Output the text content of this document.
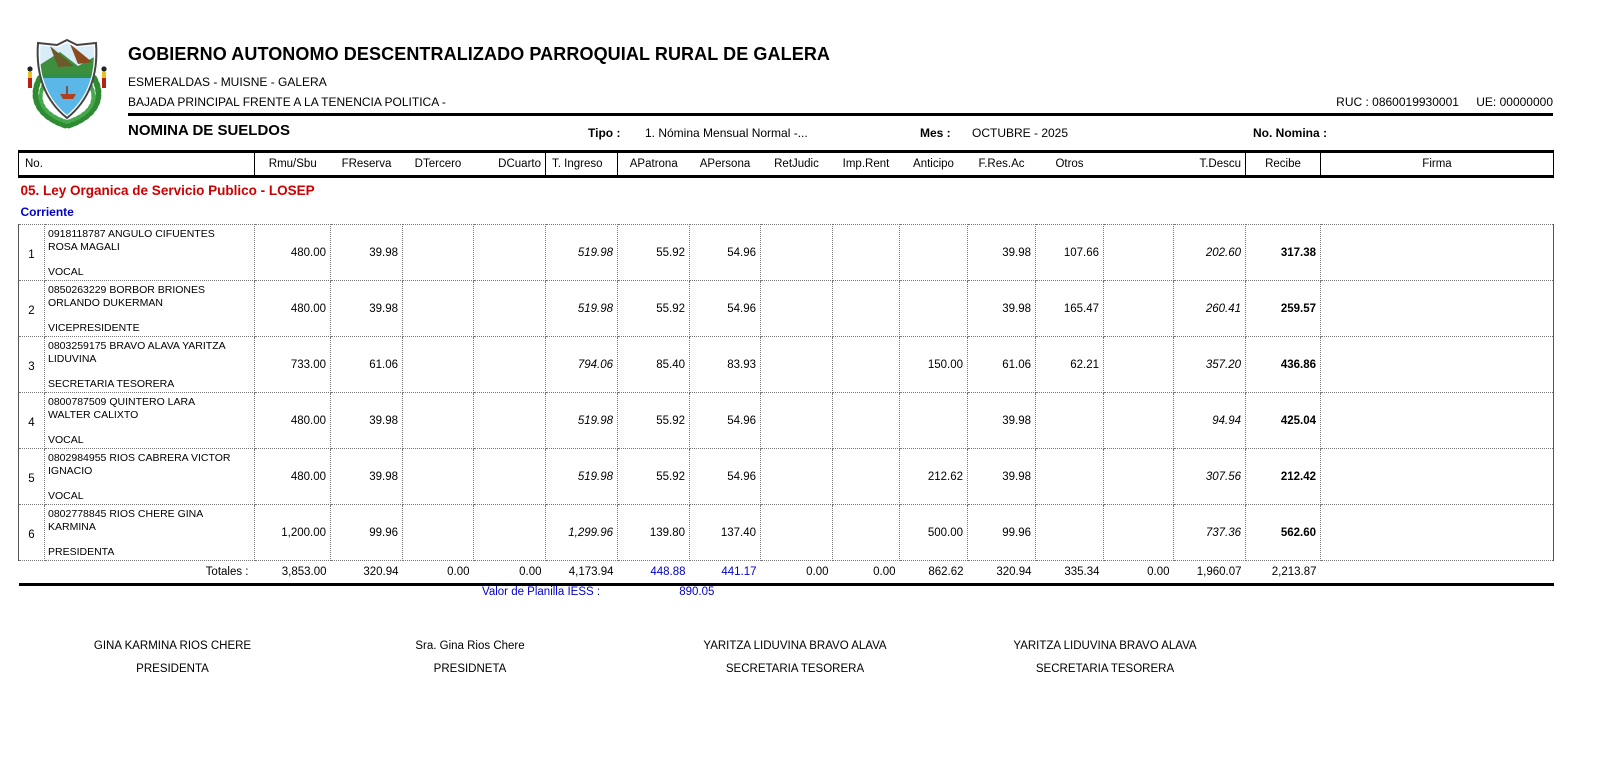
GOBIERNO AUTONOMO DESCENTRALIZADO PARROQUIAL RURAL DE GALERA
ESMERALDAS - MUISNE - GALERA
BAJADA PRINCIPAL FRENTE A LA TENENCIA POLITICA -	RUC : 0860019930001 UE: 00000000
NOMINA DE SUELDOS	Tipo : 1. Nómina Mensual Normal -...	Mes : OCTUBRE - 2025	No. Nomina :
No.		Rmu/Sbu	FReserva	DTercero	DCuarto	T. Ingreso	APatrona	APersona	RetJudic	Imp.Rent	Anticipo	F.Res.Ac	Otros		T.Descu	Recibe	Firma
05. Ley Organica de Servicio Publico - LOSEP																	
Corriente																	
1	0918118787 ANGULO CIFUENTES
ROSA MAGALI
VOCAL	480.00	39.98			519.98	55.92	54.96				39.98	107.66		202.60	317.38	
2	0850263229 BORBOR BRIONES
ORLANDO DUKERMAN
VICEPRESIDENTE	480.00	39.98			519.98	55.92	54.96				39.98	165.47		260.41	259.57	
3	0803259175 BRAVO ALAVA YARITZA
LIDUVINA
SECRETARIA TESORERA	733.00	61.06			794.06	85.40	83.93			150.00	61.06	62.21		357.20	436.86	
4	0800787509 QUINTERO LARA
WALTER CALIXTO
VOCAL	480.00	39.98			519.98	55.92	54.96				39.98			94.94	425.04	
5	0802984955 RIOS CABRERA VICTOR
IGNACIO
VOCAL	480.00	39.98			519.98	55.92	54.96			212.62	39.98			307.56	212.42	
6	0802778845 RIOS CHERE GINA
KARMINA
PRESIDENTA	1,200.00	99.96			1,299.96	139.80	137.40			500.00	99.96			737.36	562.60	
Totales :		3,853.00	320.94	0.00	0.00	4,173.94	448.88	441.17	0.00	0.00	862.62	320.94	335.34	0.00	1,960.07	2,213.87	
Valor de Planilla IESS :	890.05
GINA KARMINA RIOS CHERE
PRESIDENTA
Sra. Gina Rios Chere
PRESIDNETA
YARITZA LIDUVINA BRAVO ALAVA
SECRETARIA TESORERA
YARITZA LIDUVINA BRAVO ALAVA
SECRETARIA TESORERA
